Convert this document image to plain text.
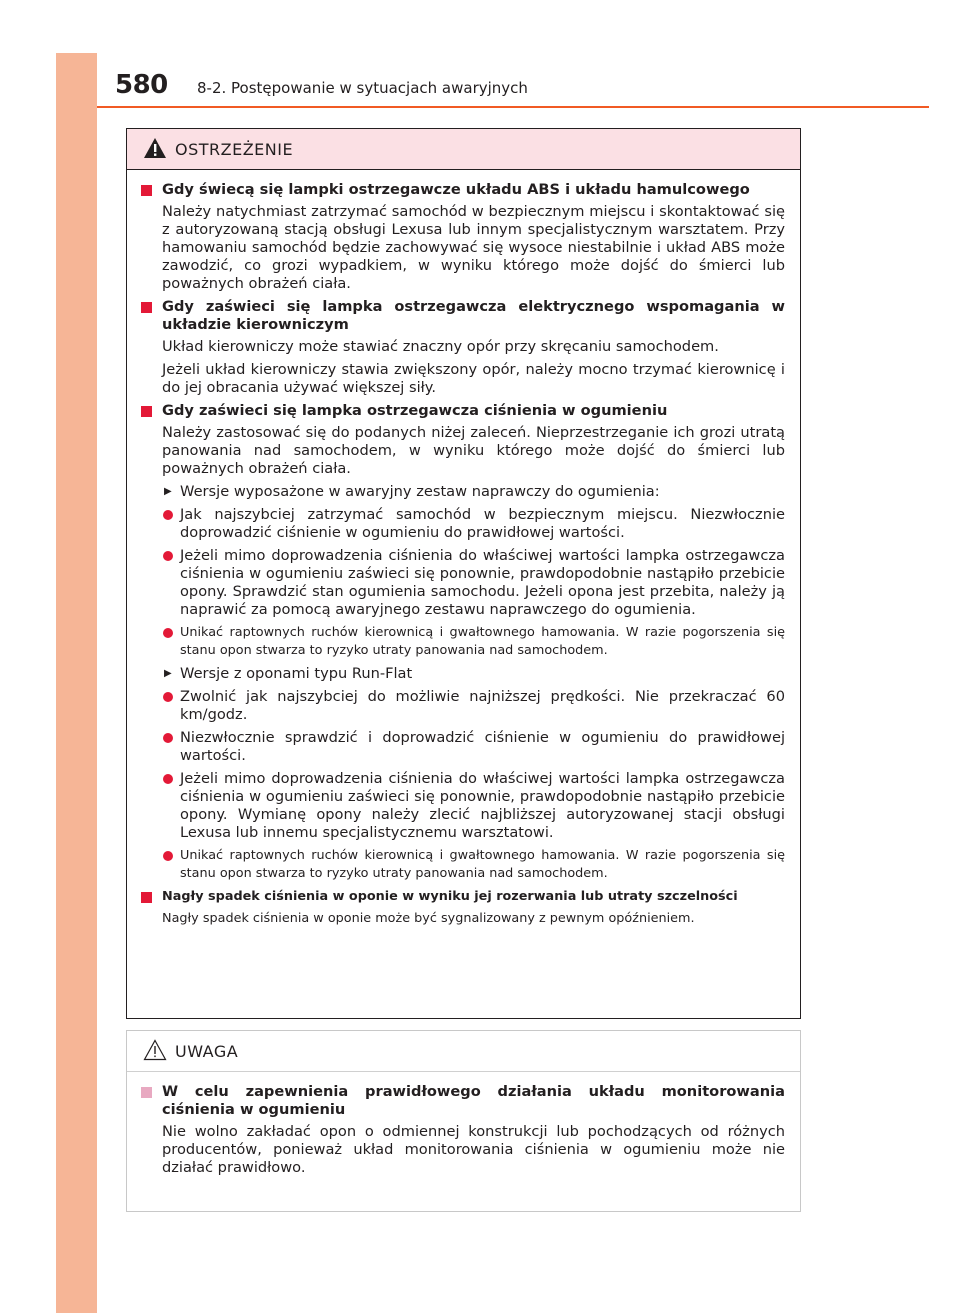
580 8-2. Postępowanie w sytuacjach awaryjnych
OSTRZEŻENIE
Gdy świecą się lampki ostrzegawcze układu ABS i układu hamulcowego
Należy natychmiast zatrzymać samochód w bezpiecznym miejscu i skontaktować się z autoryzowaną stacją obsługi Lexusa lub innym specjalistycznym warsztatem. Przy hamowaniu samochód będzie zachowywać się wysoce niestabilnie i układ ABS może zawodzić, co grozi wypadkiem, w wyniku którego może dojść do śmierci lub poważnych obrażeń ciała.
Gdy zaświeci się lampka ostrzegawcza elektrycznego wspomagania w układzie kierowniczym
Układ kierowniczy może stawiać znaczny opór przy skręcaniu samochodem.
Jeżeli układ kierowniczy stawia zwiększony opór, należy mocno trzymać kierownicę i do jej obracania używać większej siły.
Gdy zaświeci się lampka ostrzegawcza ciśnienia w ogumieniu
Należy zastosować się do podanych niżej zaleceń. Nieprzestrzeganie ich grozi utratą panowania nad samochodem, w wyniku którego może dojść do śmierci lub poważnych obrażeń ciała.
▶ Wersje wyposażone w awaryjny zestaw naprawczy do ogumienia:
Jak najszybciej zatrzymać samochód w bezpiecznym miejscu. Niezwłocznie doprowadzić ciśnienie w ogumieniu do prawidłowej wartości.
Jeżeli mimo doprowadzenia ciśnienia do właściwej wartości lampka ostrzegawcza ciśnienia w ogumieniu zaświeci się ponownie, prawdopodobnie nastąpiło przebicie opony. Sprawdzić stan ogumienia samochodu. Jeżeli opona jest przebita, należy ją naprawić za pomocą awaryjnego zestawu naprawczego do ogumienia.
Unikać raptownych ruchów kierownicą i gwałtownego hamowania. W razie pogorszenia się stanu opon stwarza to ryzyko utraty panowania nad samochodem.
▶ Wersje z oponami typu Run-Flat
Zwolnić jak najszybciej do możliwie najniższej prędkości. Nie przekraczać 60 km/godz.
Niezwłocznie sprawdzić i doprowadzić ciśnienie w ogumieniu do prawidłowej wartości.
Jeżeli mimo doprowadzenia ciśnienia do właściwej wartości lampka ostrzegawcza ciśnienia w ogumieniu zaświeci się ponownie, prawdopodobnie nastąpiło przebicie opony. Wymianę opony należy zlecić najbliższej autoryzowanej stacji obsługi Lexusa lub innemu specjalistycznemu warsztatowi.
Unikać raptownych ruchów kierownicą i gwałtownego hamowania. W razie pogorszenia się stanu opon stwarza to ryzyko utraty panowania nad samochodem.
Nagły spadek ciśnienia w oponie w wyniku jej rozerwania lub utraty szczelności
Nagły spadek ciśnienia w oponie może być sygnalizowany z pewnym opóźnieniem.
UWAGA
W celu zapewnienia prawidłowego działania układu monitorowania ciśnienia w ogumieniu
Nie wolno zakładać opon o odmiennej konstrukcji lub pochodzących od różnych producentów, ponieważ układ monitorowania ciśnienia w ogumieniu może nie działać prawidłowo.
